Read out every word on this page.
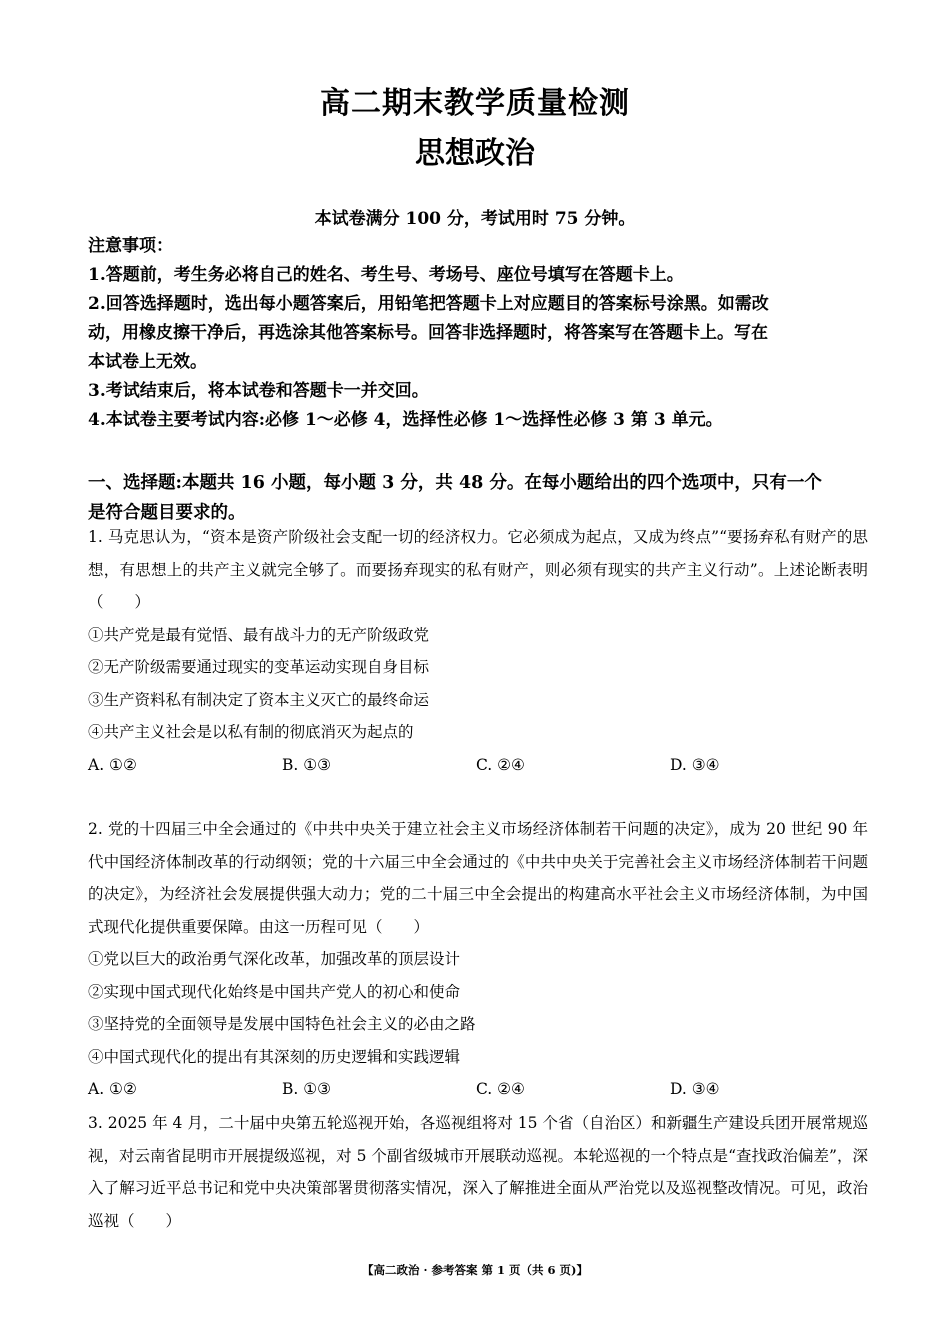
高二期末教学质量检测
思想政治
本试卷满分 100 分，考试用时 75 分钟。
注意事项：
1.答题前，考生务必将自己的姓名、考生号、考场号、座位号填写在答题卡上。
2.回答选择题时，选出每小题答案后，用铅笔把答题卡上对应题目的答案标号涂黑。如需改
动，用橡皮擦干净后，再选涂其他答案标号。回答非选择题时，将答案写在答题卡上。写在
本试卷上无效。
3.考试结束后，将本试卷和答题卡一并交回。
4.本试卷主要考试内容:必修 1～必修 4，选择性必修 1～选择性必修 3 第 3 单元。
一、选择题:本题共 16 小题，每小题 3 分，共 48 分。在每小题给出的四个选项中，只有一个
是符合题目要求的。
1. 马克思认为，“资本是资产阶级社会支配一切的经济权力。它必须成为起点，又成为终点”“要扬弃私有财产的思想，有思想上的共产主义就完全够了。而要扬弃现实的私有财产，则必须有现实的共产主义行动”。上述论断表明（　　）
①共产党是最有觉悟、最有战斗力的无产阶级政党
②无产阶级需要通过现实的变革运动实现自身目标
③生产资料私有制决定了资本主义灭亡的最终命运
④共产主义社会是以私有制的彻底消灭为起点的
A. ①②	B. ①③	C. ②④	D. ③④
2. 党的十四届三中全会通过的《中共中央关于建立社会主义市场经济体制若干问题的决定》，成为 20 世纪 90 年代中国经济体制改革的行动纲领；党的十六届三中全会通过的《中共中央关于完善社会主义市场经济体制若干问题的决定》，为经济社会发展提供强大动力；党的二十届三中全会提出的构建高水平社会主义市场经济体制，为中国式现代化提供重要保障。由这一历程可见（　　）
①党以巨大的政治勇气深化改革，加强改革的顶层设计
②实现中国式现代化始终是中国共产党人的初心和使命
③坚持党的全面领导是发展中国特色社会主义的必由之路
④中国式现代化的提出有其深刻的历史逻辑和实践逻辑
A. ①②	B. ①③	C. ②④	D. ③④
3. 2025 年 4 月，二十届中央第五轮巡视开始，各巡视组将对 15 个省（自治区）和新疆生产建设兵团开展常规巡视，对云南省昆明市开展提级巡视，对 5 个副省级城市开展联动巡视。本轮巡视的一个特点是“查找政治偏差”，深入了解习近平总书记和党中央决策部署贯彻落实情况，深入了解推进全面从严治党以及巡视整改情况。可见，政治巡视（　　）
【高二政治 · 参考答案 第 1 页（共 6 页)】
